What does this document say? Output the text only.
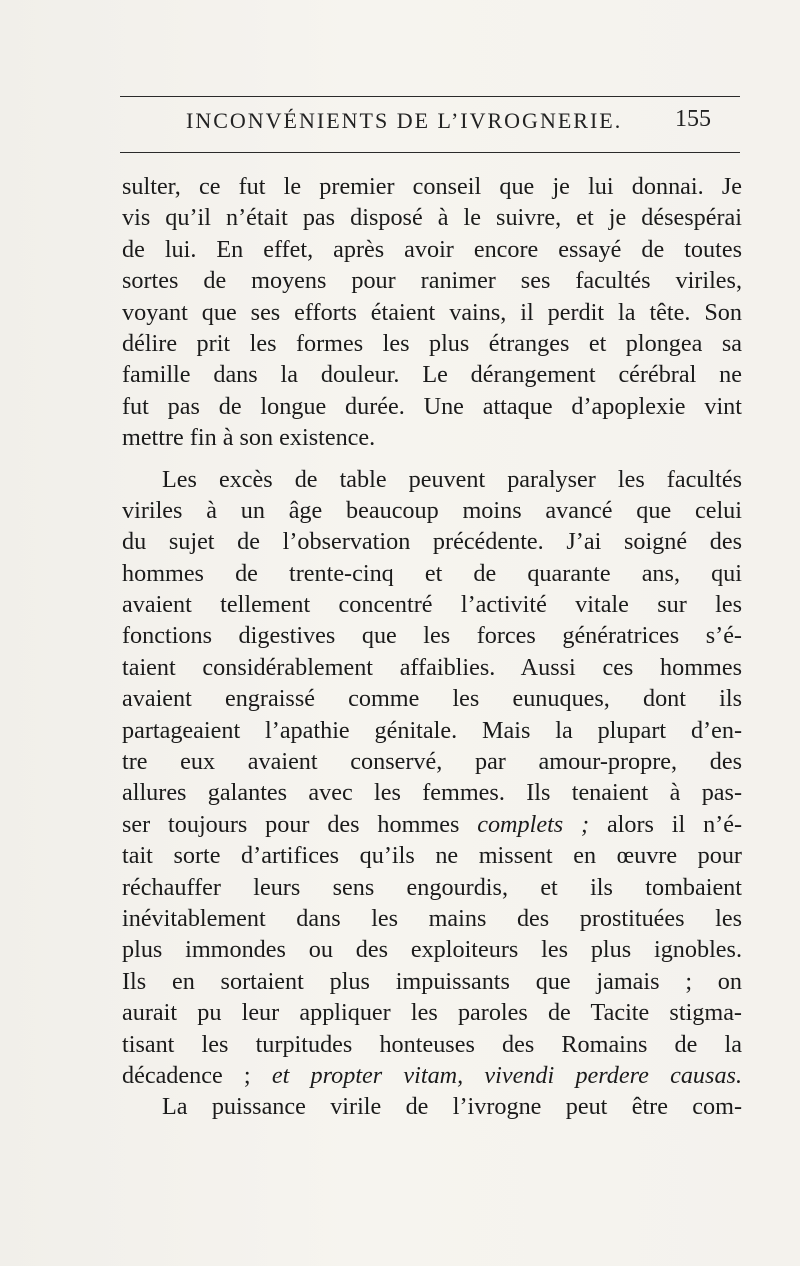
INCONVÉNIENTS DE L’IVROGNERIE. 155
sulter, ce fut le premier conseil que je lui donnai. Je
vis qu’il n’était pas disposé à le suivre, et je désespérai
de lui. En effet, après avoir encore essayé de toutes
sortes de moyens pour ranimer ses facultés viriles,
voyant que ses efforts étaient vains, il perdit la tête. Son
délire prit les formes les plus étranges et plongea sa
famille dans la douleur. Le dérangement cérébral ne
fut pas de longue durée. Une attaque d’apoplexie vint
mettre fin à son existence.
Les excès de table peuvent paralyser les facultés
viriles à un âge beaucoup moins avancé que celui
du sujet de l’observation précédente. J’ai soigné des
hommes de trente-cinq et de quarante ans, qui
avaient tellement concentré l’activité vitale sur les
fonctions digestives que les forces génératrices s’é-
taient considérablement affaiblies. Aussi ces hommes
avaient engraissé comme les eunuques, dont ils
partageaient l’apathie génitale. Mais la plupart d’en-
tre eux avaient conservé, par amour-propre, des
allures galantes avec les femmes. Ils tenaient à pas-
ser toujours pour des hommes complets ; alors il n’é-
tait sorte d’artifices qu’ils ne missent en œuvre pour
réchauffer leurs sens engourdis, et ils tombaient
inévitablement dans les mains des prostituées les
plus immondes ou des exploiteurs les plus ignobles.
Ils en sortaient plus impuissants que jamais ; on
aurait pu leur appliquer les paroles de Tacite stigma-
tisant les turpitudes honteuses des Romains de la
décadence ; et propter vitam, vivendi perdere causas.
La puissance virile de l’ivrogne peut être com-
